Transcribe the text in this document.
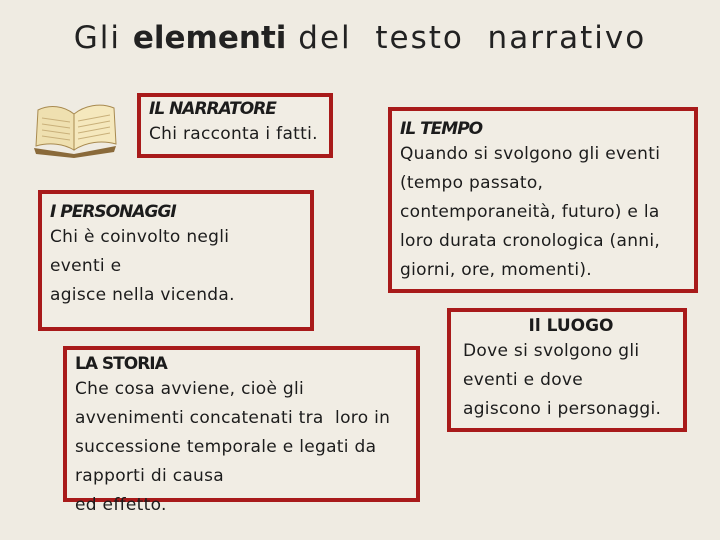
Gli elementi del  testo  narrativo
IL NARRATORE
Chi racconta i fatti.
I PERSONAGGI
Chi è coinvolto negli
eventi e
agisce nella vicenda.
IL TEMPO
Quando si svolgono gli eventi
(tempo passato,
contemporaneità, futuro) e la
loro durata cronologica (anni,
giorni, ore, momenti).
LA STORIA
Che cosa avviene, cioè gli
avvenimenti concatenati tra  loro in
successione temporale e legati da
rapporti di causa
ed effetto.
Il LUOGO
Dove si svolgono gli
eventi e dove
agiscono i personaggi.
